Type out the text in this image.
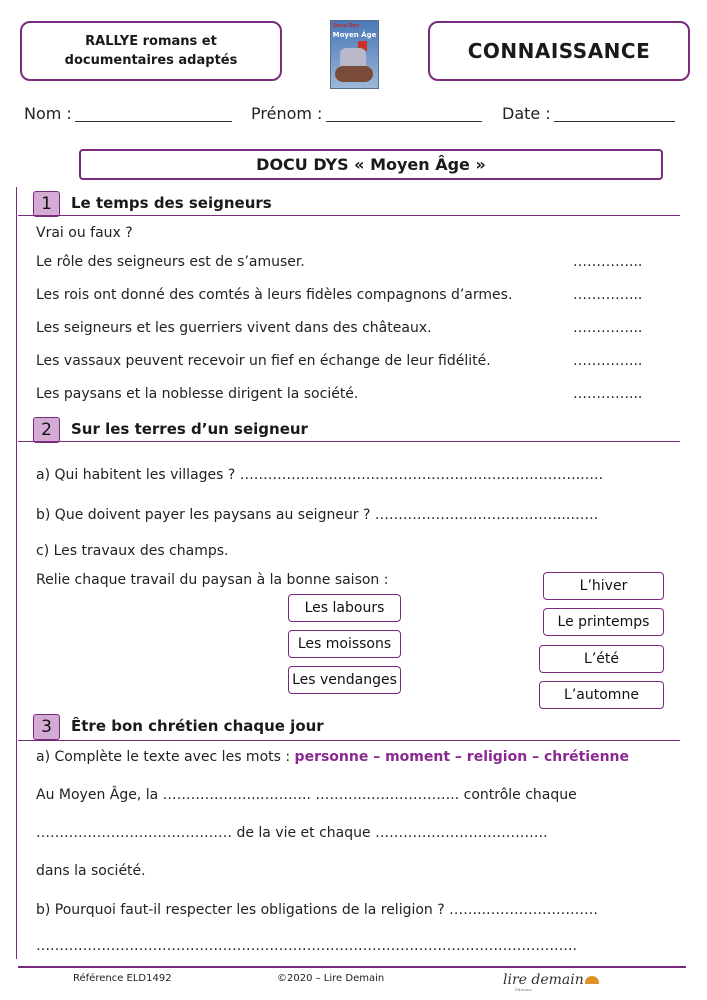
RALLYE romans et
documentaires adaptés
Docu Dys
Moyen Âge
CONNAISSANCE
Nom :	Prénom :	Date :
DOCU DYS « Moyen Âge »
1	Le temps des seigneurs
Vrai ou faux ?
Le rôle des seigneurs est de s’amuser.	…………...
Les rois ont donné des comtés à leurs fidèles compagnons d’armes.	…………...
Les seigneurs et les guerriers vivent dans des châteaux.	…………...
Les vassaux peuvent recevoir un fief en échange de leur fidélité.	…………...
Les paysans et la noblesse dirigent la société.	…………...
2	Sur les terres d’un seigneur
a) Qui habitent les villages ? ………………………………………………………………..….
b) Que doivent payer les paysans au seigneur ? …………………………………..…….
c) Les travaux des champs.
Relie chaque travail du paysan à la bonne saison :
Les labours
Les moissons
Les vendanges
L’hiver
Le printemps
L’été
L’automne
3	Être bon chrétien chaque jour
a) Complète le texte avec les mots : personne – moment – religion – chrétienne
Au Moyen Âge, la ………………...……….. ………..……………….. contrôle chaque
…………………………………… de la vie et chaque ……………………………….
dans la société.
b) Pourquoi faut-il respecter les obligations de la religion ? ……..……………………
……………………………………………………………………………………………………..
Référence ELD1492	©2020 – Lire Demain	lire demain
Éditions
